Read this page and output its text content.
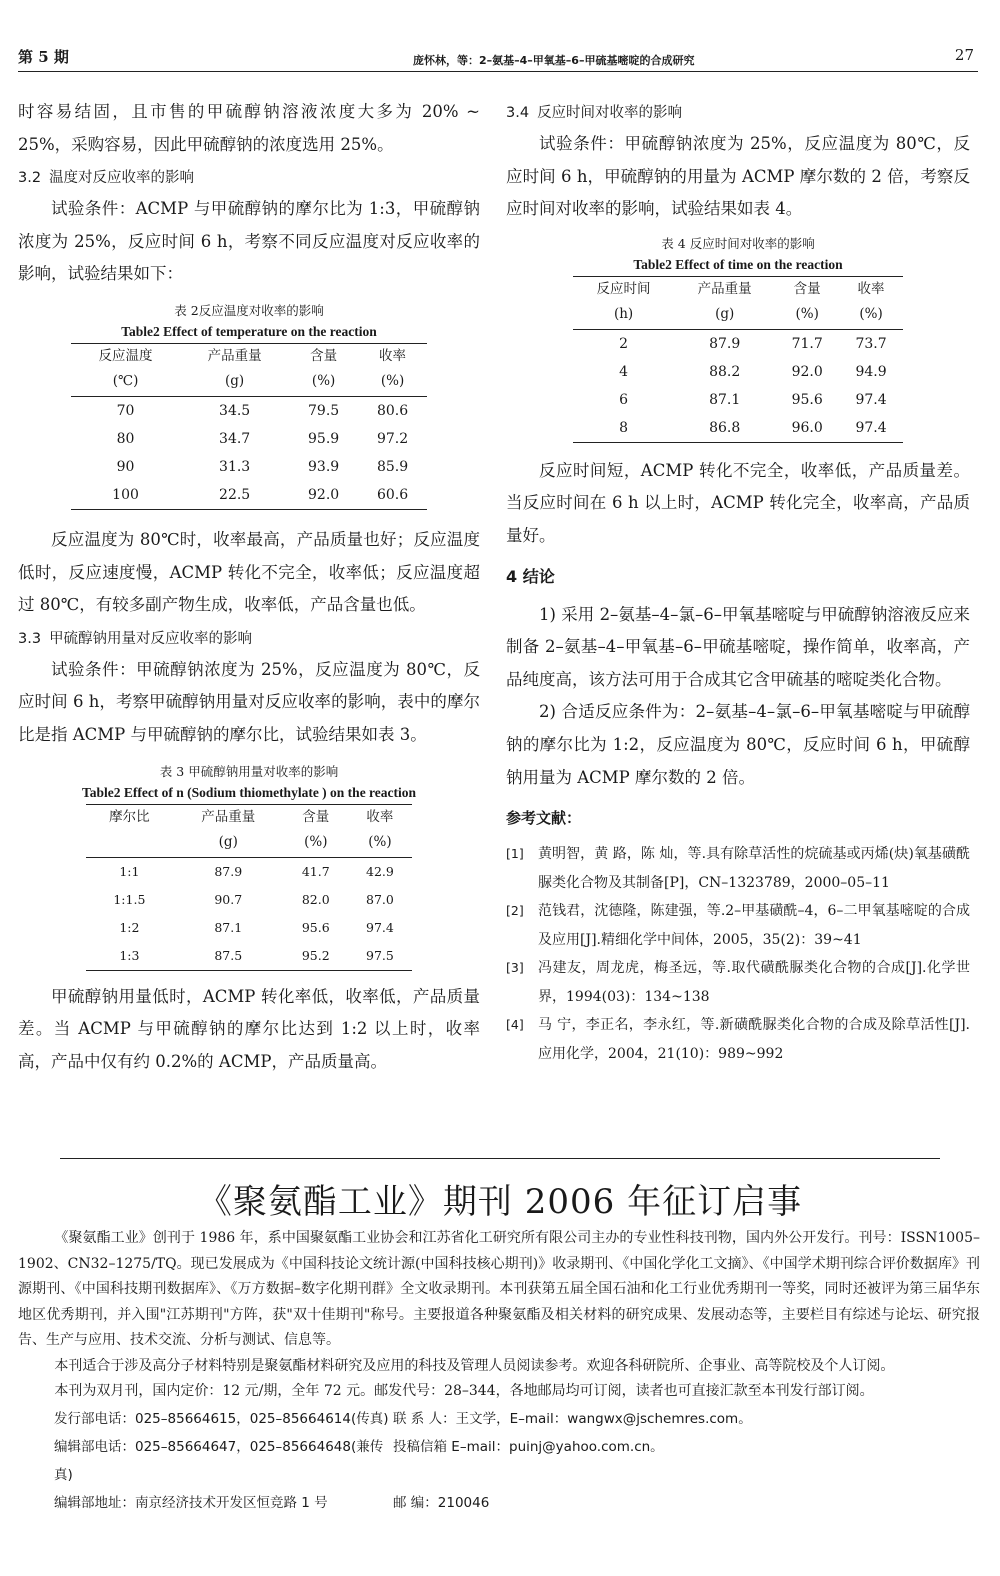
第 5 期	庞怀林，等：2–氨基–4–甲氧基–6–甲硫基嘧啶的合成研究	27

时容易结固，且市售的甲硫醇钠溶液浓度大多为 20% ~ 25%，采购容易，因此甲硫醇钠的浓度选用 25%。

3.2 温度对反应收率的影响

试验条件：ACMP 与甲硫醇钠的摩尔比为 1:3，甲硫醇钠浓度为 25%，反应时间 6 h，考察不同反应温度对反应收率的影响，试验结果如下：

表 2反应温度对收率的影响
Table2 Effect of temperature on the reaction
反应温度	产品重量	含量	收率
(℃)	(g)	(%)	(%)
70	34.5	79.5	80.6
80	34.7	95.9	97.2
90	31.3	93.9	85.9
100	22.5	92.0	60.6

反应温度为 80℃时，收率最高，产品质量也好；反应温度低时，反应速度慢，ACMP 转化不完全，收率低；反应温度超过 80℃，有较多副产物生成，收率低，产品含量也低。

3.3 甲硫醇钠用量对反应收率的影响

试验条件：甲硫醇钠浓度为 25%，反应温度为 80℃，反应时间 6 h，考察甲硫醇钠用量对反应收率的影响，表中的摩尔比是指 ACMP 与甲硫醇钠的摩尔比，试验结果如表 3。

表 3 甲硫醇钠用量对收率的影响
Table2 Effect of n (Sodium thiomethylate ) on the reaction
摩尔比	产品重量	含量	收率
	(g)	(%)	(%)
1:1	87.9	41.7	42.9
1:1.5	90.7	82.0	87.0
1:2	87.1	95.6	97.4
1:3	87.5	95.2	97.5

甲硫醇钠用量低时，ACMP 转化率低，收率低，产品质量差。当 ACMP 与甲硫醇钠的摩尔比达到 1:2 以上时，收率高，产品中仅有约 0.2%的 ACMP，产品质量高。

3.4 反应时间对收率的影响

试验条件：甲硫醇钠浓度为 25%，反应温度为 80℃，反应时间 6 h，甲硫醇钠的用量为 ACMP 摩尔数的 2 倍，考察反应时间对收率的影响，试验结果如表 4。

表 4 反应时间对收率的影响
Table2 Effect of time on the reaction
反应时间	产品重量	含量	收率
(h)	(g)	(%)	(%)
2	87.9	71.7	73.7
4	88.2	92.0	94.9
6	87.1	95.6	97.4
8	86.8	96.0	97.4

反应时间短，ACMP 转化不完全，收率低，产品质量差。当反应时间在 6 h 以上时，ACMP 转化完全，收率高，产品质量好。

4 结论

1) 采用 2–氨基–4–氯–6–甲氧基嘧啶与甲硫醇钠溶液反应来制备 2–氨基–4–甲氧基–6–甲硫基嘧啶，操作简单，收率高，产品纯度高，该方法可用于合成其它含甲硫基的嘧啶类化合物。

2) 合适反应条件为：2–氨基–4–氯–6–甲氧基嘧啶与甲硫醇钠的摩尔比为 1:2，反应温度为 80℃，反应时间 6 h，甲硫醇钠用量为 ACMP 摩尔数的 2 倍。

参考文献：
[1]	黄明智，黄 路，陈 灿，等.具有除草活性的烷硫基或丙烯(炔)氧基磺酰脲类化合物及其制备[P]，CN–1323789，2000–05–11
[2]	范钱君，沈德隆，陈建强，等.2–甲基磺酰–4，6–二甲氧基嘧啶的合成及应用[J].精细化学中间体，2005，35(2)：39~41
[3]	冯建友，周龙虎，梅圣远，等.取代磺酰脲类化合物的合成[J].化学世界，1994(03)：134~138
[4]	马 宁，李正名，李永红，等.新磺酰脲类化合物的合成及除草活性[J].应用化学，2004，21(10)：989~992
《聚氨酯工业》期刊 2006 年征订启事

《聚氨酯工业》创刊于 1986 年，系中国聚氨酯工业协会和江苏省化工研究所有限公司主办的专业性科技刊物，国内外公开发行。刊号：ISSN1005–1902、CN32–1275/TQ。现已发展成为《中国科技论文统计源(中国科技核心期刊)》收录期刊、《中国化学化工文摘》、《中国学术期刊综合评价数据库》刊源期刊、《中国科技期刊数据库》、《万方数据–数字化期刊群》全文收录期刊。本刊获第五届全国石油和化工行业优秀期刊一等奖，同时还被评为第三届华东地区优秀期刊，并入围"江苏期刊"方阵，获"双十佳期刊"称号。主要报道各种聚氨酯及相关材料的研究成果、发展动态等，主要栏目有综述与论坛、研究报告、生产与应用、技术交流、分析与测试、信息等。

本刊适合于涉及高分子材料特别是聚氨酯材料研究及应用的科技及管理人员阅读参考。欢迎各科研院所、企事业、高等院校及个人订阅。

本刊为双月刊，国内定价：12 元/期，全年 72 元。邮发代号：28–344，各地邮局均可订阅，读者也可直接汇款至本刊发行部订阅。

发行部电话：025–85664615，025–85664614(传真) 联 系 人：王文学，E–mail：wangwx@jschemres.com。
编辑部电话：025–85664647，025–85664648(兼传真)
投稿信箱 E–mail：puinj@yahoo.com.cn。
编辑部地址：南京经济技术开发区恒竞路 1 号	邮 编：210046
